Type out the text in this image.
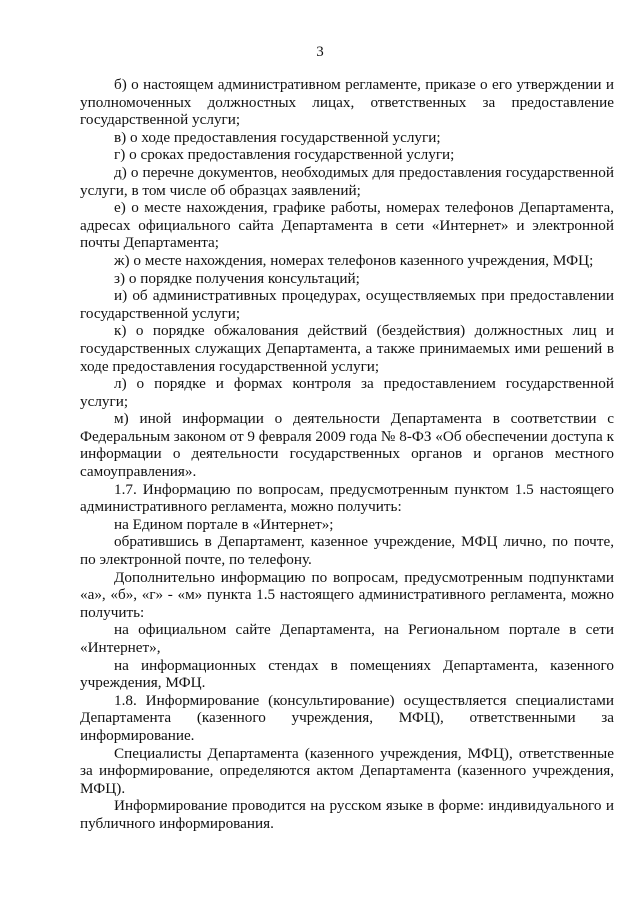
3

б) о настоящем административном регламенте, приказе о его утверждении и уполномоченных должностных лицах, ответственных за предоставление государственной услуги;

в) о ходе предоставления государственной услуги;

г) о сроках предоставления государственной услуги;

д) о перечне документов, необходимых для предоставления государственной услуги, в том числе об образцах заявлений;

е) о месте нахождения, графике работы, номерах телефонов Департамента, адресах официального сайта Департамента в сети «Интернет» и электронной почты Департамента;

ж) о месте нахождения, номерах телефонов казенного учреждения, МФЦ;

з) о порядке получения консультаций;

и) об административных процедурах, осуществляемых при предоставлении государственной услуги;

к) о порядке обжалования действий (бездействия) должностных лиц и государственных служащих Департамента, а также принимаемых ими решений в ходе предоставления государственной услуги;

л) о порядке и формах контроля за предоставлением государственной услуги;

м) иной информации о деятельности Департамента в соответствии с Федеральным законом от 9 февраля 2009 года № 8-ФЗ «Об обеспечении доступа к информации о деятельности государственных органов и органов местного самоуправления».

1.7. Информацию по вопросам, предусмотренным пунктом 1.5 настоящего административного регламента, можно получить:

на Едином портале в «Интернет»;

обратившись в Департамент, казенное учреждение, МФЦ лично, по почте, по электронной почте, по телефону.

Дополнительно информацию по вопросам, предусмотренным подпунктами «а», «б», «г» - «м» пункта 1.5 настоящего административного регламента, можно получить:

на официальном сайте Департамента, на Региональном портале в сети «Интернет»,

на информационных стендах в помещениях Департамента, казенного учреждения, МФЦ.

1.8. Информирование (консультирование) осуществляется специалистами Департамента (казенного учреждения, МФЦ), ответственными за информирование.

Специалисты Департамента (казенного учреждения, МФЦ), ответственные за информирование, определяются актом Департамента (казенного учреждения, МФЦ).

Информирование проводится на русском языке в форме: индивидуального и публичного информирования.
